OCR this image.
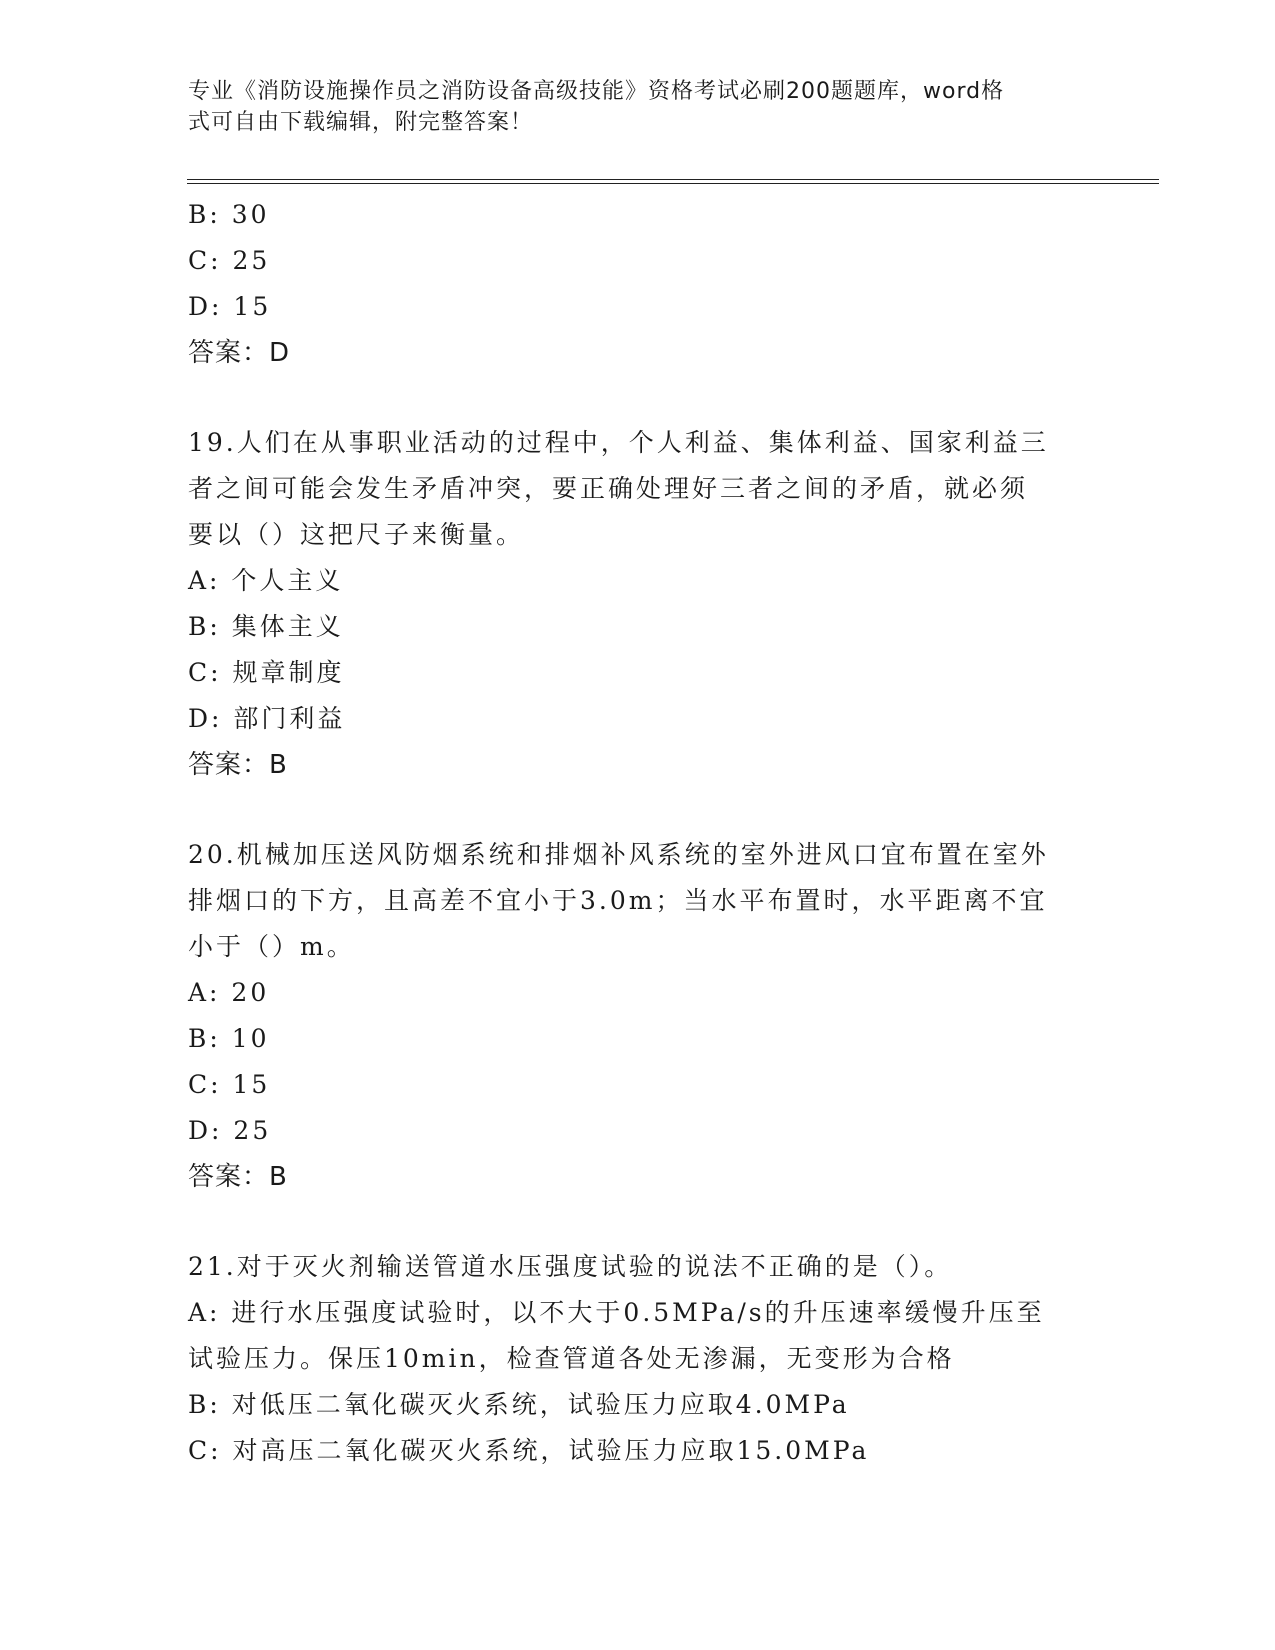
专业《消防设施操作员之消防设备高级技能》资格考试必刷200题题库，word格
式可自由下载编辑，附完整答案！
B: 30
C: 25
D: 15
答案：D
19.人们在从事职业活动的过程中，个人利益、集体利益、国家利益三
者之间可能会发生矛盾冲突，要正确处理好三者之间的矛盾，就必须
要以（）这把尺子来衡量。
A: 个人主义
B: 集体主义
C: 规章制度
D: 部门利益
答案：B
20.机械加压送风防烟系统和排烟补风系统的室外进风口宜布置在室外
排烟口的下方，且高差不宜小于3.0m；当水平布置时，水平距离不宜
小于（）m。
A: 20
B: 10
C: 15
D: 25
答案：B
21.对于灭火剂输送管道水压强度试验的说法不正确的是（）。
A: 进行水压强度试验时，以不大于0.5MPa/s的升压速率缓慢升压至
试验压力。保压10min，检查管道各处无渗漏，无变形为合格
B: 对低压二氧化碳灭火系统，试验压力应取4.0MPa
C: 对高压二氧化碳灭火系统，试验压力应取15.0MPa
